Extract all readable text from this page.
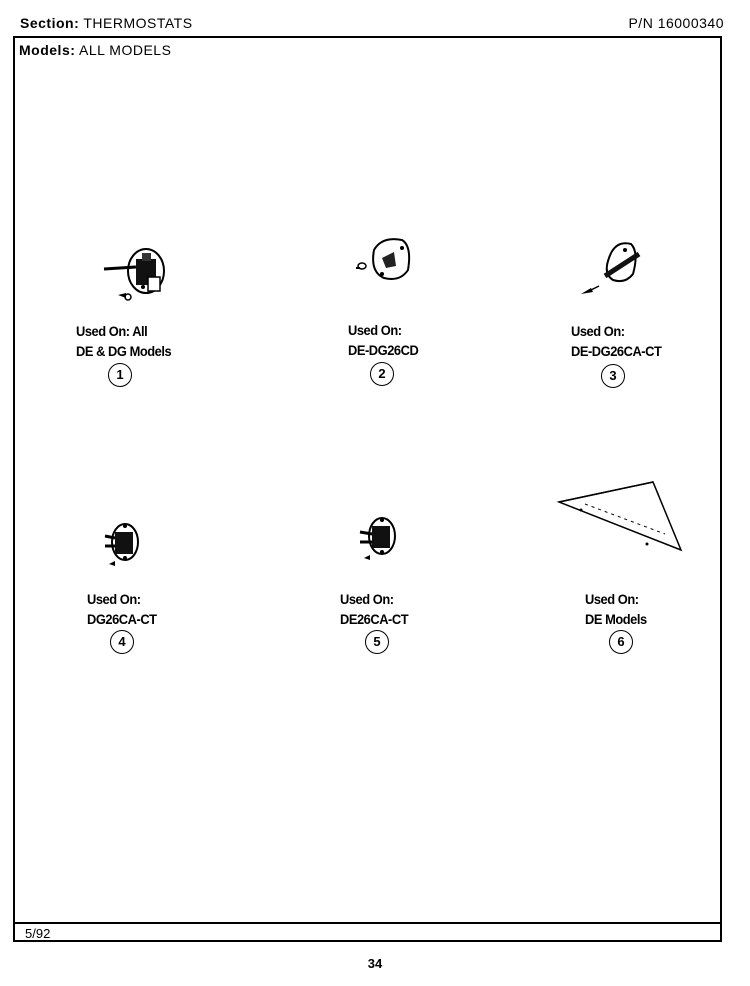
Section: THERMOSTATS	P/N 16000340
Models: ALL MODELS
5/92
Used On: All
DE & DG Models
1
Used On:
DE-DG26CD
2
Used On:
DE-DG26CA-CT
3
Used On:
DG26CA-CT
4
Used On:
DE26CA-CT
5
Used On:
DE Models
6
34
